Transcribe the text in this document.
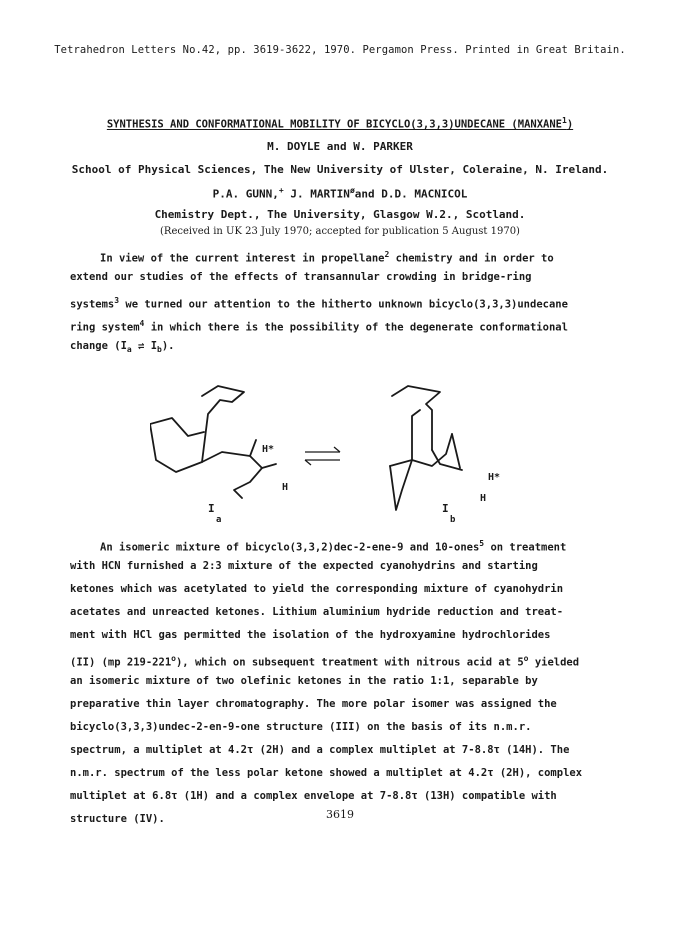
Tetrahedron Letters No.42, pp. 3619-3622, 1970. Pergamon Press. Printed in Great Britain.
SYNTHESIS AND CONFORMATIONAL MOBILITY OF BICYCLO(3,3,3)UNDECANE (MANXANE$^1$)
M. DOYLE and W. PARKER
School of Physical Sciences, The New University of Ulster, Coleraine, N. Ireland.
P.A. GUNN,+ J. $MARTIN^øand$ D.D. MACNICOL
Chemistry Dept., The University, Glasgow W.2., Scotland.
(Received in UK 23 July 1970; accepted for publication 5 August 1970)
In view of the current interest in propellane$^2$ chemistry and in order to
extend our studies of the effects of transannular crowding in bridge-ring
systems$^3$ we turned our attention to the hitherto unknown bicyclo(3,3,3)undecane
ring system$^4$ in which there is the possibility of the degenerate conformational
change ($I_a$ ⇌ $I_b$).
H*
H
I
a
H*
H
I
b
An isomeric mixture of bicyclo(3,3,2)dec-2-ene-9 and 10-ones$^5$ on treatment
with HCN furnished a 2:3 mixture of the expected cyanohydrins and starting
ketones which was acetylated to yield the corresponding mixture of cyanohydrin
acetates and unreacted ketones. Lithium aluminium hydride reduction and treat-
ment with HCl gas permitted the isolation of the hydroxyamine hydrochlorides
(II) (mp 219-221$^o$), which on subsequent treatment with nitrous acid at 5$^o$ yielded
an isomeric mixture of two olefinic ketones in the ratio 1:1, separable by
preparative thin layer chromatography. The more polar isomer was assigned the
bicyclo(3,3,3)undec-2-en-9-one structure (III) on the basis of its n.m.r.
spectrum, a multiplet at 4.2τ (2H) and a complex multiplet at 7-8.8τ (14H). The
n.m.r. spectrum of the less polar ketone showed a multiplet at 4.2τ (2H), complex
multiplet at 6.8τ (1H) and a complex envelope at 7-8.8τ (13H) compatible with
structure (IV).	3619
